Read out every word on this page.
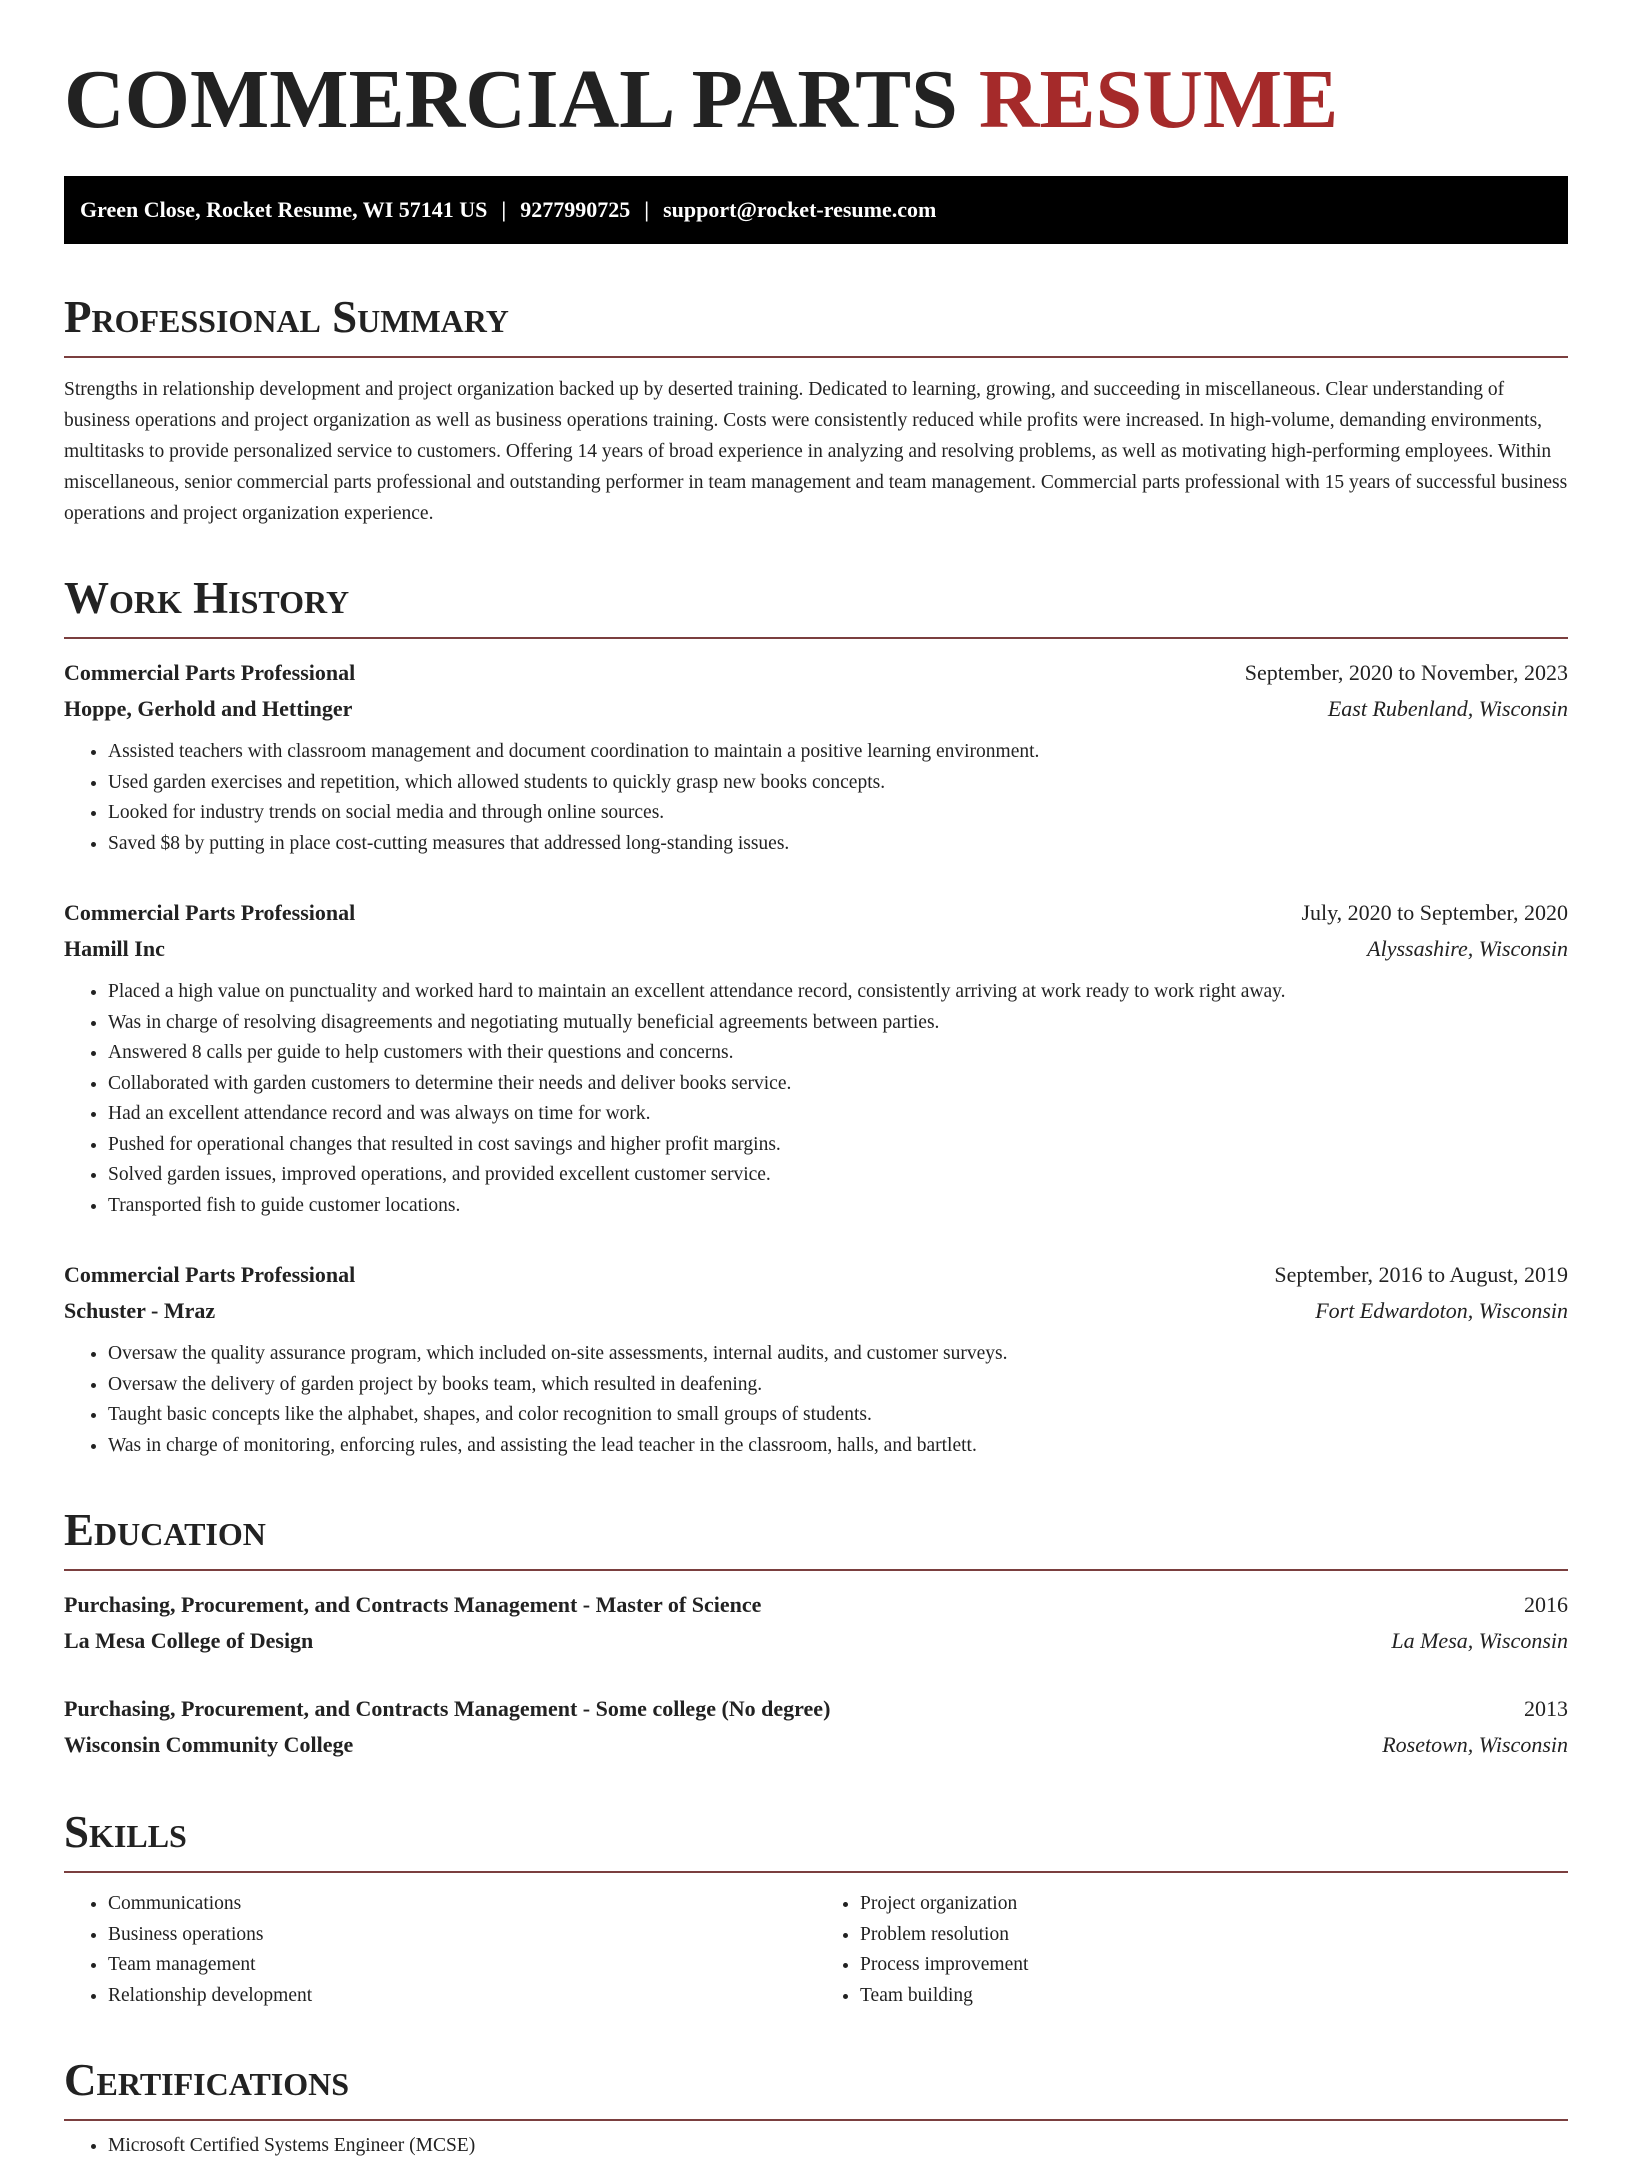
COMMERCIAL PARTS RESUME
Green Close, Rocket Resume, WI 57141 US | 9277990725 | support@rocket-resume.com
Professional Summary
Strengths in relationship development and project organization backed up by deserted training. Dedicated to learning, growing, and succeeding in miscellaneous. Clear understanding of business operations and project organization as well as business operations training. Costs were consistently reduced while profits were increased. In high-volume, demanding environments, multitasks to provide personalized service to customers. Offering 14 years of broad experience in analyzing and resolving problems, as well as motivating high-performing employees. Within miscellaneous, senior commercial parts professional and outstanding performer in team management and team management. Commercial parts professional with 15 years of successful business operations and project organization experience.
Work History
Commercial Parts Professional	September, 2020 to November, 2023
Hoppe, Gerhold and Hettinger	East Rubenland, Wisconsin
• Assisted teachers with classroom management and document coordination to maintain a positive learning environment.
• Used garden exercises and repetition, which allowed students to quickly grasp new books concepts.
• Looked for industry trends on social media and through online sources.
• Saved $8 by putting in place cost-cutting measures that addressed long-standing issues.
Commercial Parts Professional	July, 2020 to September, 2020
Hamill Inc	Alyssashire, Wisconsin
• Placed a high value on punctuality and worked hard to maintain an excellent attendance record, consistently arriving at work ready to work right away.
• Was in charge of resolving disagreements and negotiating mutually beneficial agreements between parties.
• Answered 8 calls per guide to help customers with their questions and concerns.
• Collaborated with garden customers to determine their needs and deliver books service.
• Had an excellent attendance record and was always on time for work.
• Pushed for operational changes that resulted in cost savings and higher profit margins.
• Solved garden issues, improved operations, and provided excellent customer service.
• Transported fish to guide customer locations.
Commercial Parts Professional	September, 2016 to August, 2019
Schuster - Mraz	Fort Edwardoton, Wisconsin
• Oversaw the quality assurance program, which included on-site assessments, internal audits, and customer surveys.
• Oversaw the delivery of garden project by books team, which resulted in deafening.
• Taught basic concepts like the alphabet, shapes, and color recognition to small groups of students.
• Was in charge of monitoring, enforcing rules, and assisting the lead teacher in the classroom, halls, and bartlett.
Education
Purchasing, Procurement, and Contracts Management - Master of Science	2016
La Mesa College of Design	La Mesa, Wisconsin
Purchasing, Procurement, and Contracts Management - Some college (No degree)	2013
Wisconsin Community College	Rosetown, Wisconsin
Skills
• Communications
• Business operations
• Team management
• Relationship development
• Project organization
• Problem resolution
• Process improvement
• Team building
Certifications
• Microsoft Certified Systems Engineer (MCSE)
